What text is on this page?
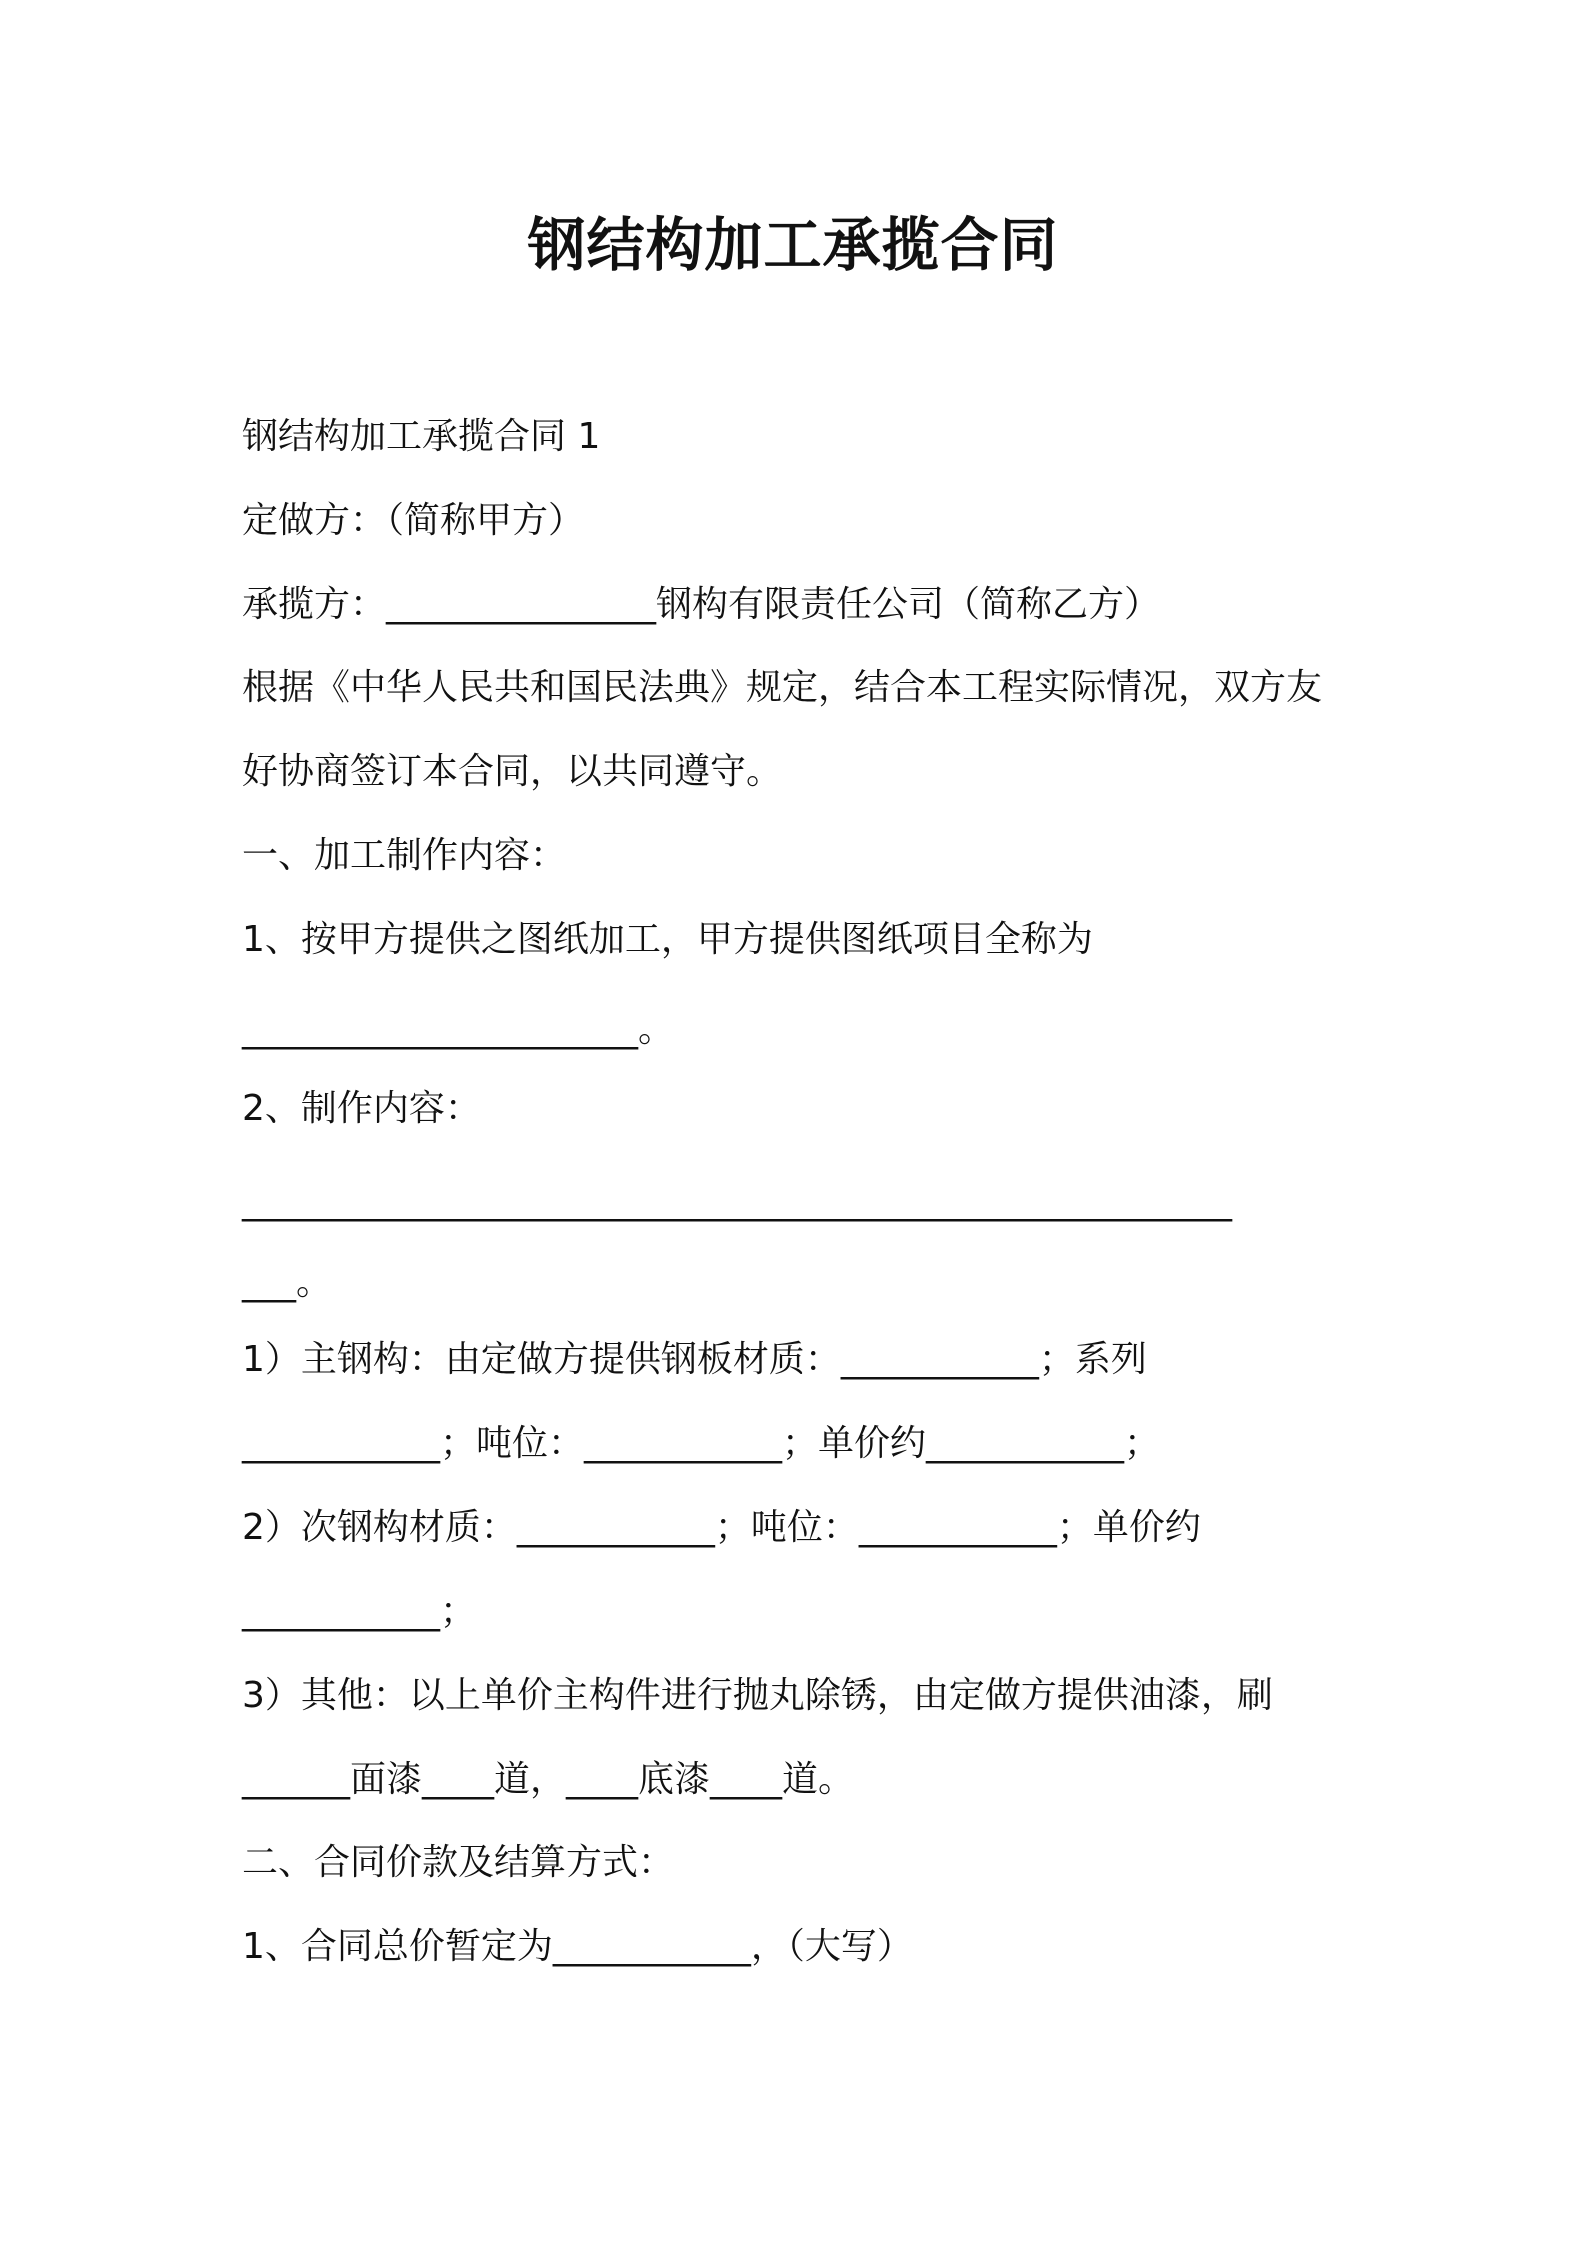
钢结构加工承揽合同

钢结构加工承揽合同 1

定做方：（简称甲方）

承揽方：_______________钢构有限责任公司（简称乙方）

根据《中华人民共和国民法典》规定，结合本工程实际情况，双方友

好协商签订本合同，以共同遵守。

一、加工制作内容：

1、按甲方提供之图纸加工，甲方提供图纸项目全称为

______________________。

2、制作内容：

_______________________________________________________

___。

1）主钢构：由定做方提供钢板材质：___________；系列

___________；吨位：___________；单价约___________；

2）次钢构材质：___________；吨位：___________；单价约

___________；

3）其他：以上单价主构件进行抛丸除锈，由定做方提供油漆，刷

______面漆____道，____底漆____道。

二、合同价款及结算方式：

1、合同总价暂定为___________，（大写）
